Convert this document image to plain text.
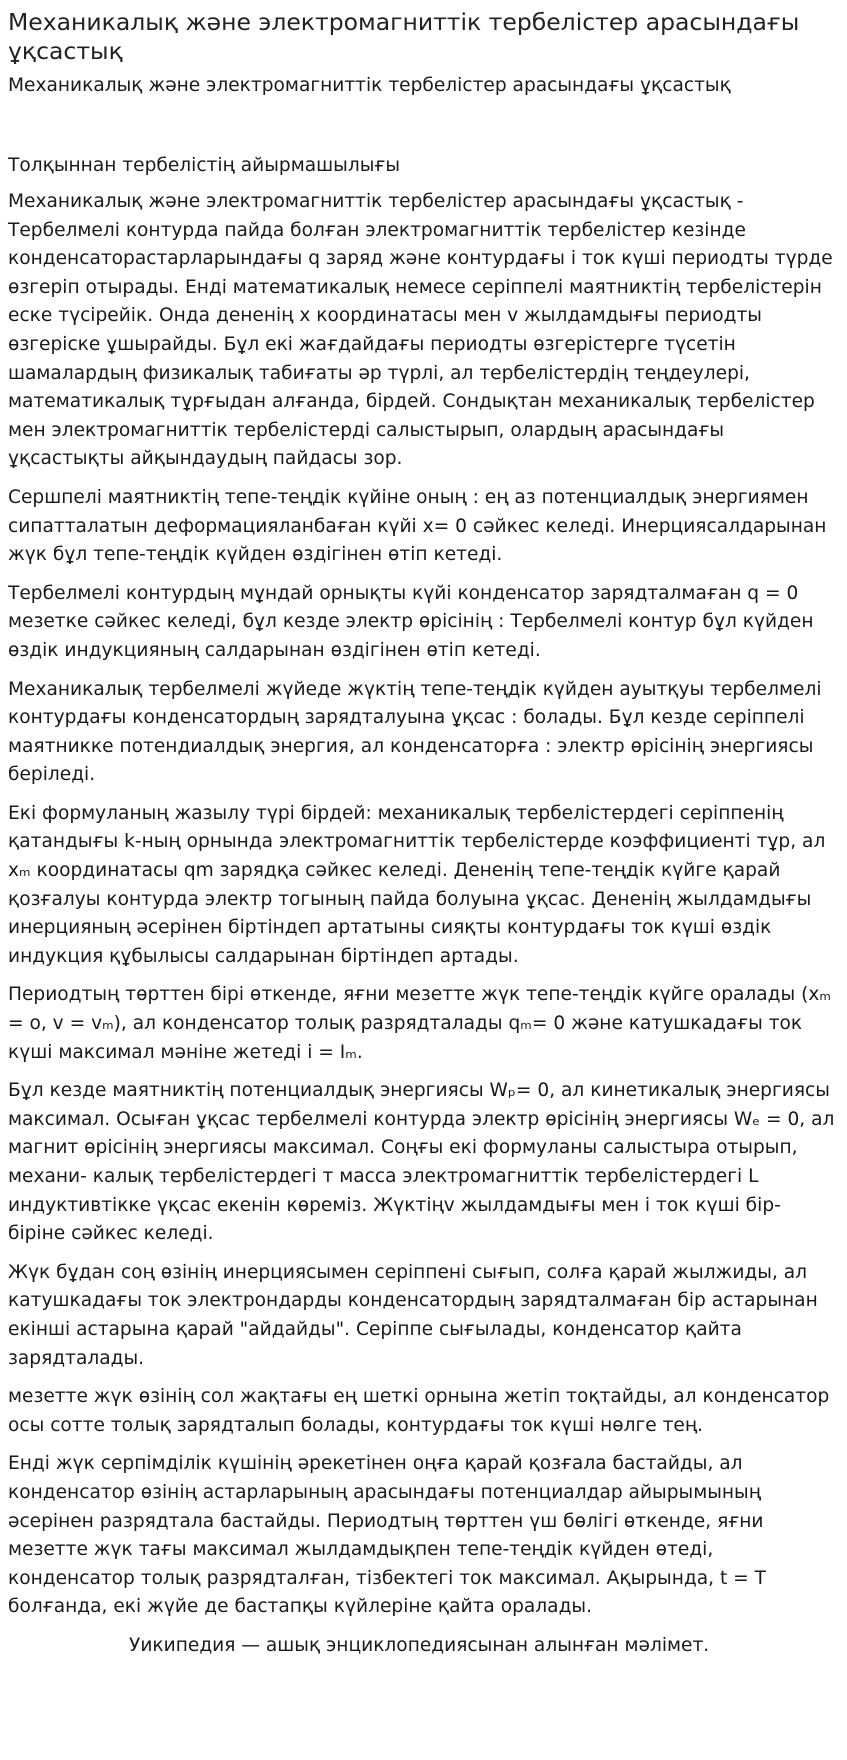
Механикалық және электромагниттік тербелістер арасындағы ұқсастық
Механикалық және электромагниттік тербелістер арасындағы ұқсастық
Толқыннан тербелістің айырмашылығы

Механикалық және электромагниттік тербелістер арасындағы ұқсастық - Тербелмелі контурда пайда болған электромагниттік тербелістер кезінде конденсаторастарларындағы q заряд және контурдағы і ток күші периодты түрде өзгеріп отырады. Енді математикалық немесе серіппелі маятниктің тербелістерін еске түсірейік. Онда дененің х координатасы мен v жылдамдығы периодты өзгеріске ұшырайды. Бұл екі жағдайдағы периодты өзгерістерге түсетін шамалардың физикалық табиғаты әр түрлі, ал тербелістердің теңдеулері, математикалық тұрғыдан алғанда, бірдей. Сондықтан механикалық тербелістер мен электромагниттік тербелістерді салыстырып, олардың арасындағы ұқсастықты айқындаудың пайдасы зор.

Сершпелі маятниктің тепе-теңдік күйіне оның : ең аз потенциалдық энергиямен сипатталатын деформацияланбаған күйі х= 0 сәйкес келеді. Инерциясалдарынан жүк бұл тепе-теңдік күйден өздігінен өтіп кетеді.

Тербелмелі контурдың мұндай орнықты күйі конденсатор зарядталмаған q = 0 мезетке сәйкес келеді, бұл кезде электр өрісінің : Тербелмелі контур бұл күйден өздік индукцияның салдарынан өздігінен өтіп кетеді.

Механикалық тербелмелі жүйеде жүктің тепе-теңдік күйден ауытқуы тербелмелі контурдағы конденсатордың зарядталуына ұқсас : болады. Бұл кезде серіппелі маятникке потендиалдық энергия, ал конденсаторға : электр өрісінің энергиясы беріледі.

Екі формуланың жазылу түрі бірдей: механикалық тербелістердегі серіппенің қатандығы k-ның орнында электромагниттік тербелістерде коэффициенті тұр, ал xₘ координатасы qm зарядқа сәйкес келеді. Дененің тепе-теңдік күйге қарай қозғалуы контурда электр тогының пайда болуына ұқсас. Дененің жылдамдығы инерцияның әсерінен біртіндеп артатыны сияқты контурдағы ток күші өздік индукция құбылысы салдарынан біртіндеп артады.

Периодтың төрттен бірі өткенде, яғни мезетте жүк тепе-теңдік күйге оралады (xₘ = о, v = vₘ), ал конденсатор толық разрядталады qₘ= 0 және катушкадағы ток күші максимал мәніне жетеді і = Iₘ.

Бұл кезде маятниктің потенциалдық энергиясы Wₚ= 0, ал кинетикалық энергиясы максимал. Осыған ұқсас тербелмелі контурда электр өрісінің энергиясы Wₑ = 0, ал магнит өрісінің энергиясы максимал. Соңғы екі формуланы салыстыра отырып, механи- калық тербелістердегі т масса электромагниттік тербелістердегі L индуктивтікке үқсас екенін көреміз. Жүктіңv жылдамдығы мен і ток күші бір-біріне сәйкес келеді.

Жүк бұдан соң өзінің инерциясымен серіппені сығып, солға қарай жылжиды, ал катушкадағы ток электрондарды конденсатордың зарядталмаған бір астарынан екінші астарына қарай "айдайды". Серіппе сығылады, конденсатор қайта зарядталады.

мезетте жүк өзінің сол жақтағы ең шеткі орнына жетіп тоқтайды, ал конденсатор осы сотте толық зарядталып болады, контурдағы ток күші нөлге тең.

Енді жүк серпімділік күшінің әрекетінен оңға қарай қозғала бастайды, ал конденсатор өзінің астарларының арасындағы потенциалдар айырымының әсерінен разрядтала бастайды. Периодтың төрттен үш бөлігі өткенде, яғни мезетте жүк тағы максимал жылдамдықпен тепе-теңдік күйден өтеді, конденсатор толық разрядталған, тізбектегі ток максимал. Ақырында, t = Т болғанда, екі жүйе де бастапқы күйлеріне қайта оралады.

Уикипедия — ашық энциклопедиясынан алынған мәлімет.
